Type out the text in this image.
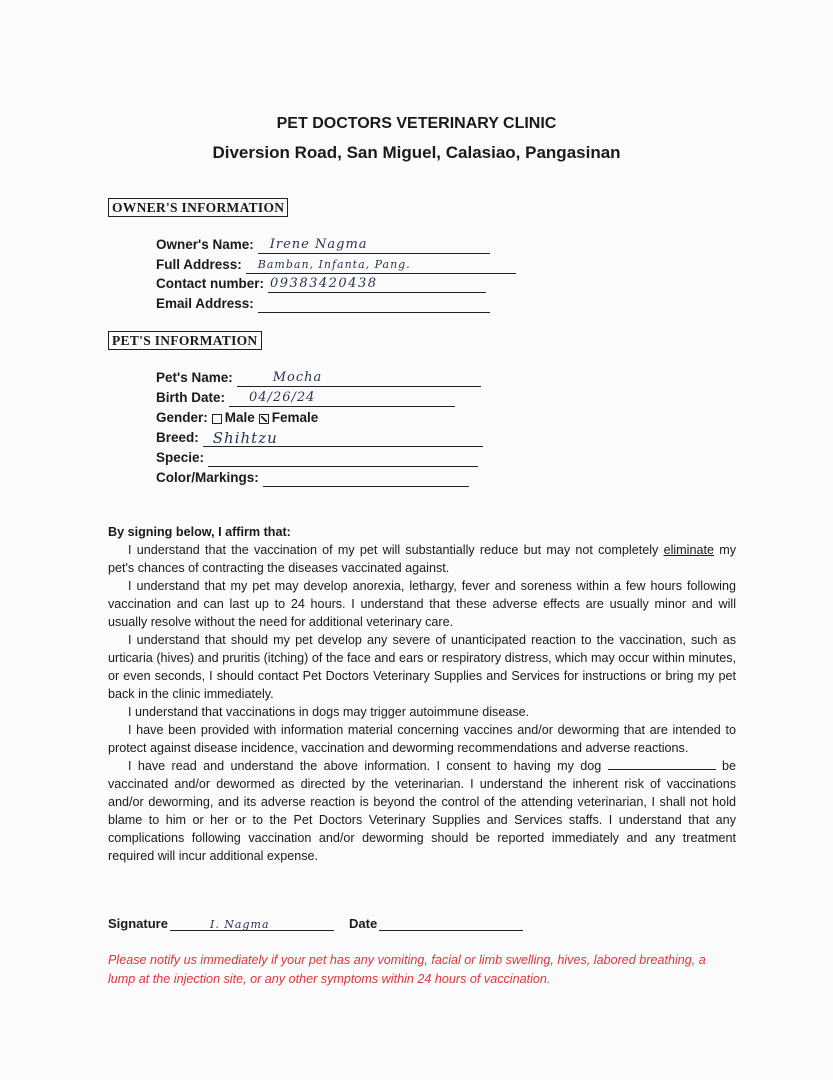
PET DOCTORS VETERINARY CLINIC
Diversion Road, San Miguel, Calasiao, Pangasinan
OWNER'S INFORMATION
Owner's Name: Irene Nagma
Full Address: Bamban, Infanta, Pang.
Contact number: 09383420438
Email Address:
PET'S INFORMATION
Pet's Name:	Mocha
Birth Date: 04/26/24
Gender: Male Female
Breed: Shihtzu
Specie:
Color/Markings:

By signing below, I affirm that:

I understand that the vaccination of my pet will substantially reduce but may not completely eliminate my pet's chances of contracting the diseases vaccinated against.

I understand that my pet may develop anorexia, lethargy, fever and soreness within a few hours following vaccination and can last up to 24 hours. I understand that these adverse effects are usually minor and will usually resolve without the need for additional veterinary care.

I understand that should my pet develop any severe of unanticipated reaction to the vaccination, such as urticaria (hives) and pruritis (itching) of the face and ears or respiratory distress, which may occur within minutes, or even seconds, I should contact Pet Doctors Veterinary Supplies and Services for instructions or bring my pet back in the clinic immediately.

I understand that vaccinations in dogs may trigger autoimmune disease.

I have been provided with information material concerning vaccines and/or deworming that are intended to protect against disease incidence, vaccination and deworming recommendations and adverse reactions.

I have read and understand the above information. I consent to having my dog	be vaccinated and/or dewormed as directed by the veterinarian. I understand the inherent risk of vaccinations and/or deworming, and its adverse reaction is beyond the control of the attending veterinarian, I shall not hold blame to him or her or to the Pet Doctors Veterinary Supplies and Services staffs. I understand that any complications following vaccination and/or deworming should be reported immediately and any treatment required will incur additional expense.

Signature	I. Nagma	Date
Please notify us immediately if your pet has any vomiting, facial or limb swelling, hives, labored breathing, a lump at the injection site, or any other symptoms within 24 hours of vaccination.
